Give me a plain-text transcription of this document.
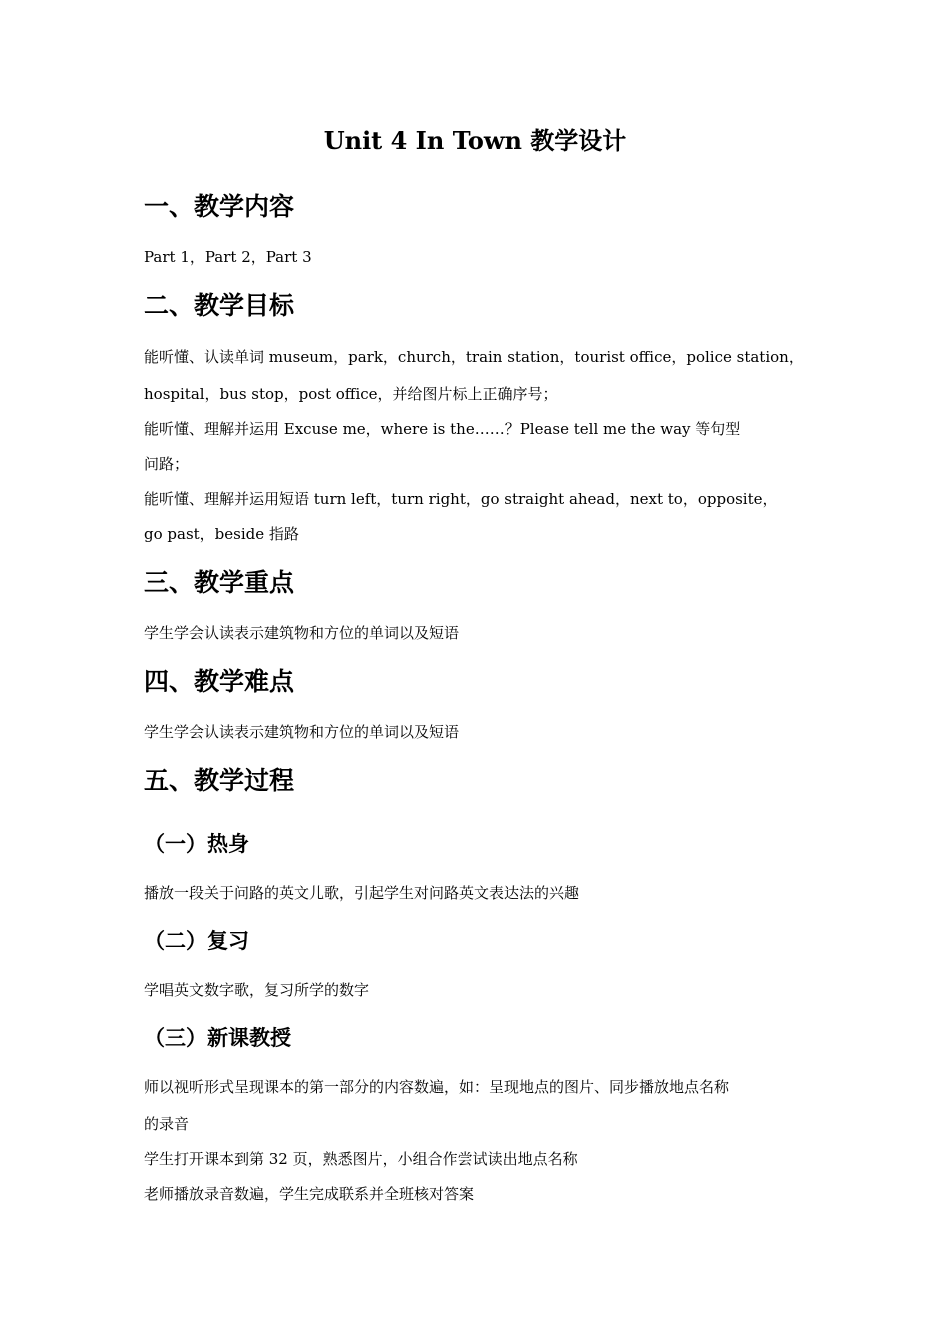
Unit 4 In Town 教学设计
一、教学内容
Part 1，Part 2，Part 3
二、教学目标
能听懂、认读单词 museum，park，church，train station，tourist office，police station，
hospital，bus stop，post office，并给图片标上正确序号；
能听懂、理解并运用 Excuse me，where is the……？Please tell me the way 等句型
问路；
能听懂、理解并运用短语 turn left，turn right，go straight ahead，next to，opposite，
go past，beside 指路
三、教学重点
学生学会认读表示建筑物和方位的单词以及短语
四、教学难点
学生学会认读表示建筑物和方位的单词以及短语
五、教学过程
（一）热身
播放一段关于问路的英文儿歌，引起学生对问路英文表达法的兴趣
（二）复习
学唱英文数字歌，复习所学的数字
（三）新课教授
师以视听形式呈现课本的第一部分的内容数遍，如：呈现地点的图片、同步播放地点名称
的录音
学生打开课本到第 32 页，熟悉图片，小组合作尝试读出地点名称
老师播放录音数遍，学生完成联系并全班核对答案
